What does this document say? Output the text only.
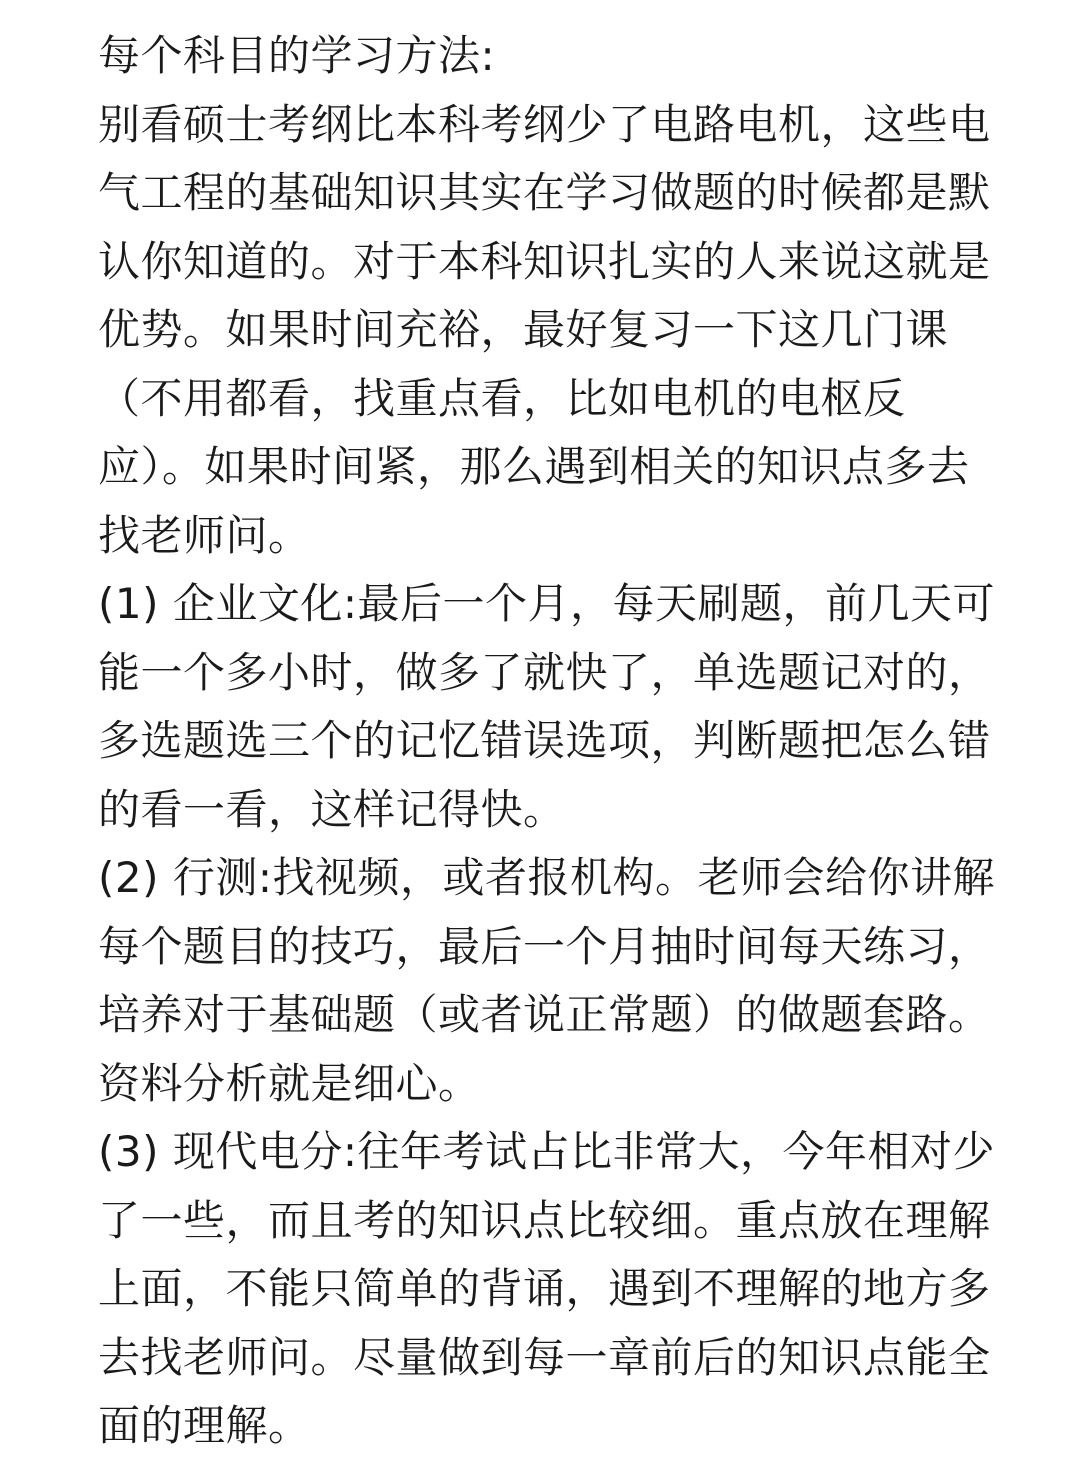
每个科目的学习方法:

别看硕士考纲比本科考纲少了电路电机，这些电气工程的基础知识其实在学习做题的时候都是默认你知道的。对于本科知识扎实的人来说这就是优势。如果时间充裕，最好复习一下这几门课（不用都看，找重点看，比如电机的电枢反应）。如果时间紧，那么遇到相关的知识点多去找老师问。

(1) 企业文化:最后一个月，每天刷题，前几天可能一个多小时，做多了就快了，单选题记对的，多选题选三个的记忆错误选项，判断题把怎么错的看一看，这样记得快。

(2) 行测:找视频，或者报机构。老师会给你讲解每个题目的技巧，最后一个月抽时间每天练习，培养对于基础题（或者说正常题）的做题套路。资料分析就是细心。

(3) 现代电分:往年考试占比非常大，今年相对少了一些，而且考的知识点比较细。重点放在理解上面，不能只简单的背诵，遇到不理解的地方多去找老师问。尽量做到每一章前后的知识点能全面的理解。
